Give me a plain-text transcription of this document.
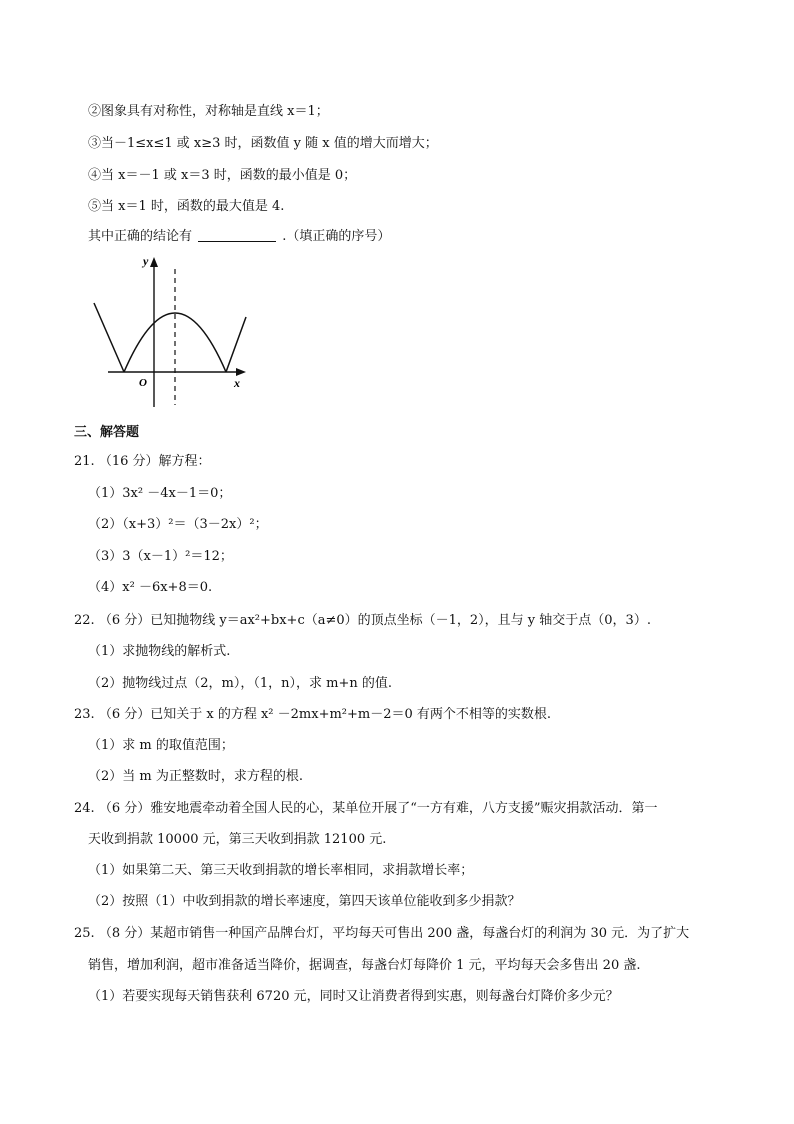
②图象具有对称性，对称轴是直线 x＝1；
③当－1≤x≤1 或 x≥3 时，函数值 y 随 x 值的增大而增大；
④当 x＝－1 或 x＝3 时，函数的最小值是 0；
⑤当 x＝1 时，函数的最大值是 4.
其中正确的结论有	.（填正确的序号）
y
x
O
三、解答题
21. （16 分）解方程：
（1）3x² －4x－1＝0；
（2）（x+3）²＝（3－2x）²；
（3）3（x－1）²＝12；
（4）x² －6x+8＝0.
22. （6 分）已知抛物线 y＝ax²+bx+c（a≠0）的顶点坐标（－1，2），且与 y 轴交于点（0，3）.
（1）求抛物线的解析式.
（2）抛物线过点（2，m），（1，n），求 m+n 的值.
23. （6 分）已知关于 x 的方程 x² －2mx+m²+m－2＝0 有两个不相等的实数根.
（1）求 m 的取值范围；
（2）当 m 为正整数时，求方程的根.
24. （6 分）雅安地震牵动着全国人民的心，某单位开展了“一方有难，八方支援”赈灾捐款活动．第一
天收到捐款 10000 元，第三天收到捐款 12100 元.
（1）如果第二天、第三天收到捐款的增长率相同，求捐款增长率；
（2）按照（1）中收到捐款的增长率速度，第四天该单位能收到多少捐款？
25. （8 分）某超市销售一种国产品牌台灯，平均每天可售出 200 盏，每盏台灯的利润为 30 元．为了扩大
销售，增加利润，超市准备适当降价，据调查，每盏台灯每降价 1 元，平均每天会多售出 20 盏.
（1）若要实现每天销售获利 6720 元，同时又让消费者得到实惠，则每盏台灯降价多少元？
